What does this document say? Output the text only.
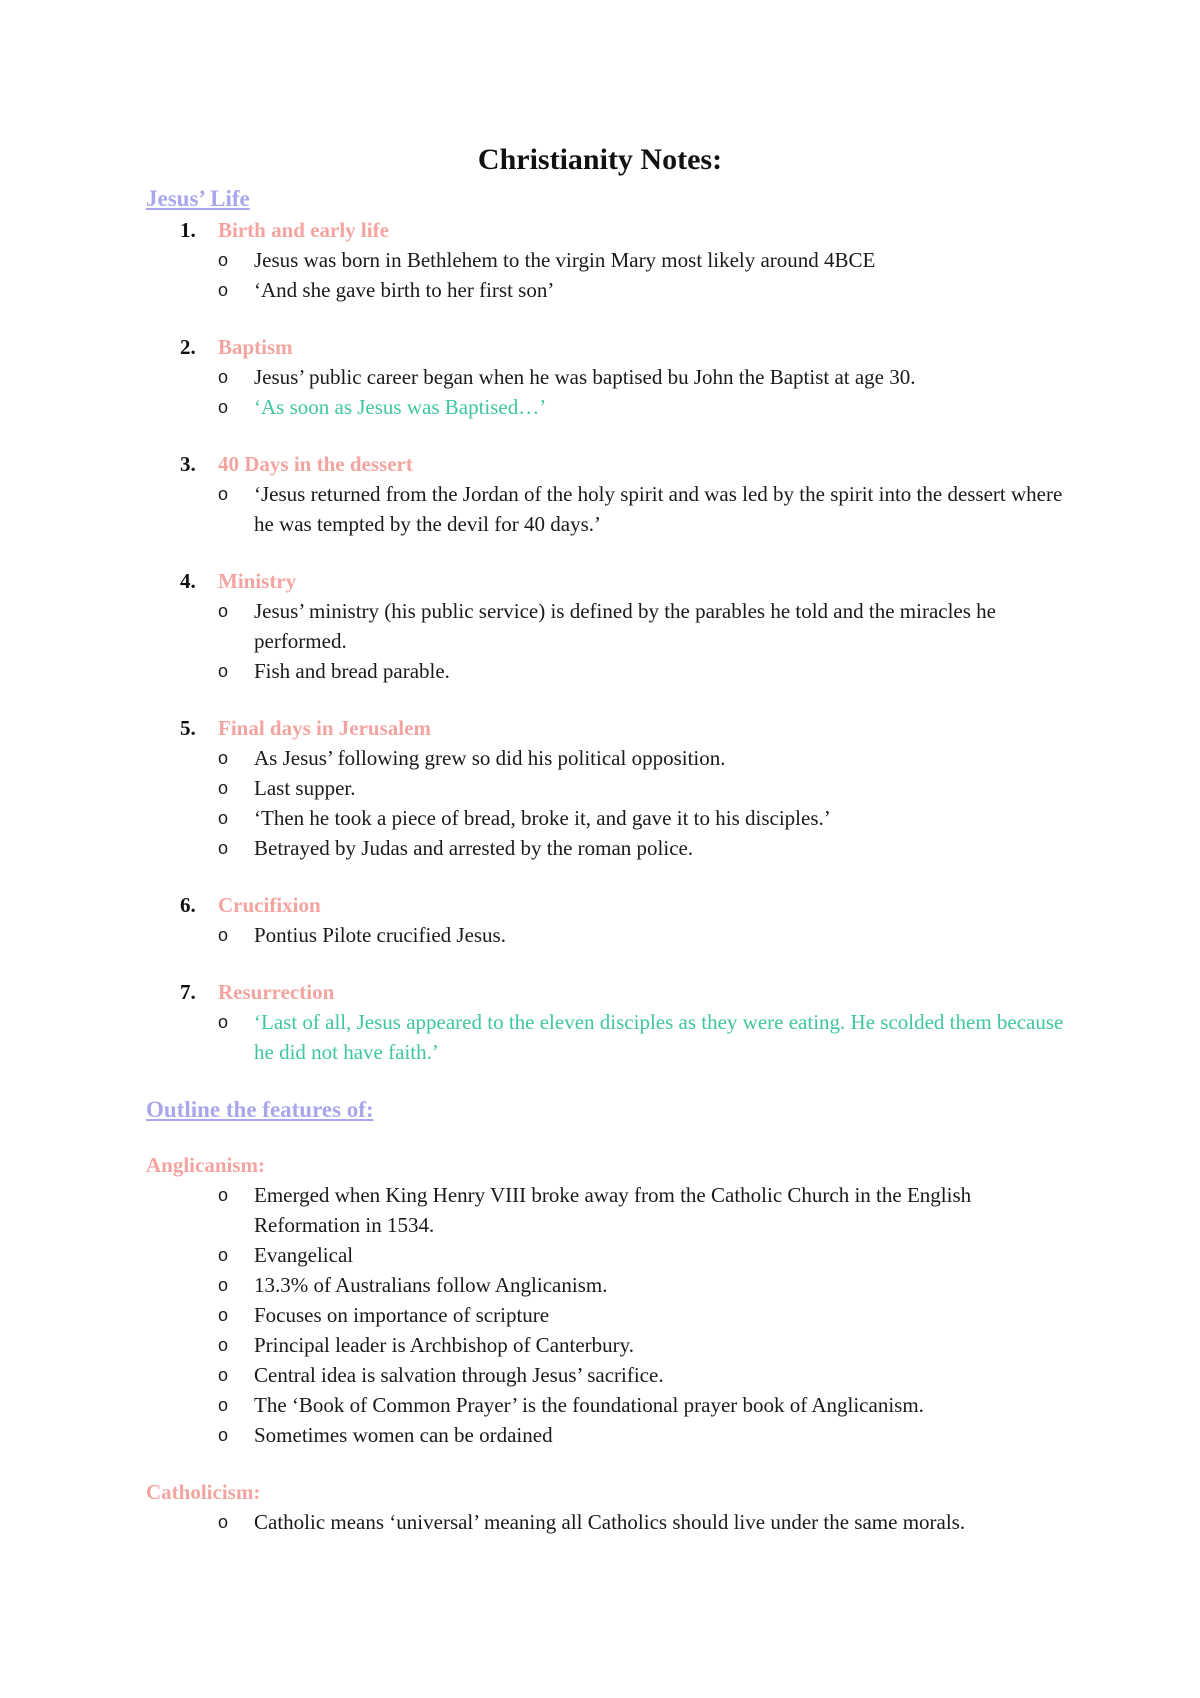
Christianity Notes:
Jesus’ Life
1. Birth and early life
o Jesus was born in Bethlehem to the virgin Mary most likely around 4BCE
o ‘And she gave birth to her first son’
2. Baptism
o Jesus’ public career began when he was baptised bu John the Baptist at age 30.
o ‘As soon as Jesus was Baptised…’
3. 40 Days in the dessert
o ‘Jesus returned from the Jordan of the holy spirit and was led by the spirit into the dessert where he was tempted by the devil for 40 days.’
4. Ministry
o Jesus’ ministry (his public service) is defined by the parables he told and the miracles he performed.
o Fish and bread parable.
5. Final days in Jerusalem
o As Jesus’ following grew so did his political opposition.
o Last supper.
o ‘Then he took a piece of bread, broke it, and gave it to his disciples.’
o Betrayed by Judas and arrested by the roman police.
6. Crucifixion
o Pontius Pilote crucified Jesus.
7. Resurrection
o ‘Last of all, Jesus appeared to the eleven disciples as they were eating. He scolded them because he did not have faith.’
Outline the features of:
Anglicanism:
o Emerged when King Henry VIII broke away from the Catholic Church in the English Reformation in 1534.
o Evangelical
o 13.3% of Australians follow Anglicanism.
o Focuses on importance of scripture
o Principal leader is Archbishop of Canterbury.
o Central idea is salvation through Jesus’ sacrifice.
o The ‘Book of Common Prayer’ is the foundational prayer book of Anglicanism.
o Sometimes women can be ordained
Catholicism:
o Catholic means ‘universal’ meaning all Catholics should live under the same morals.
